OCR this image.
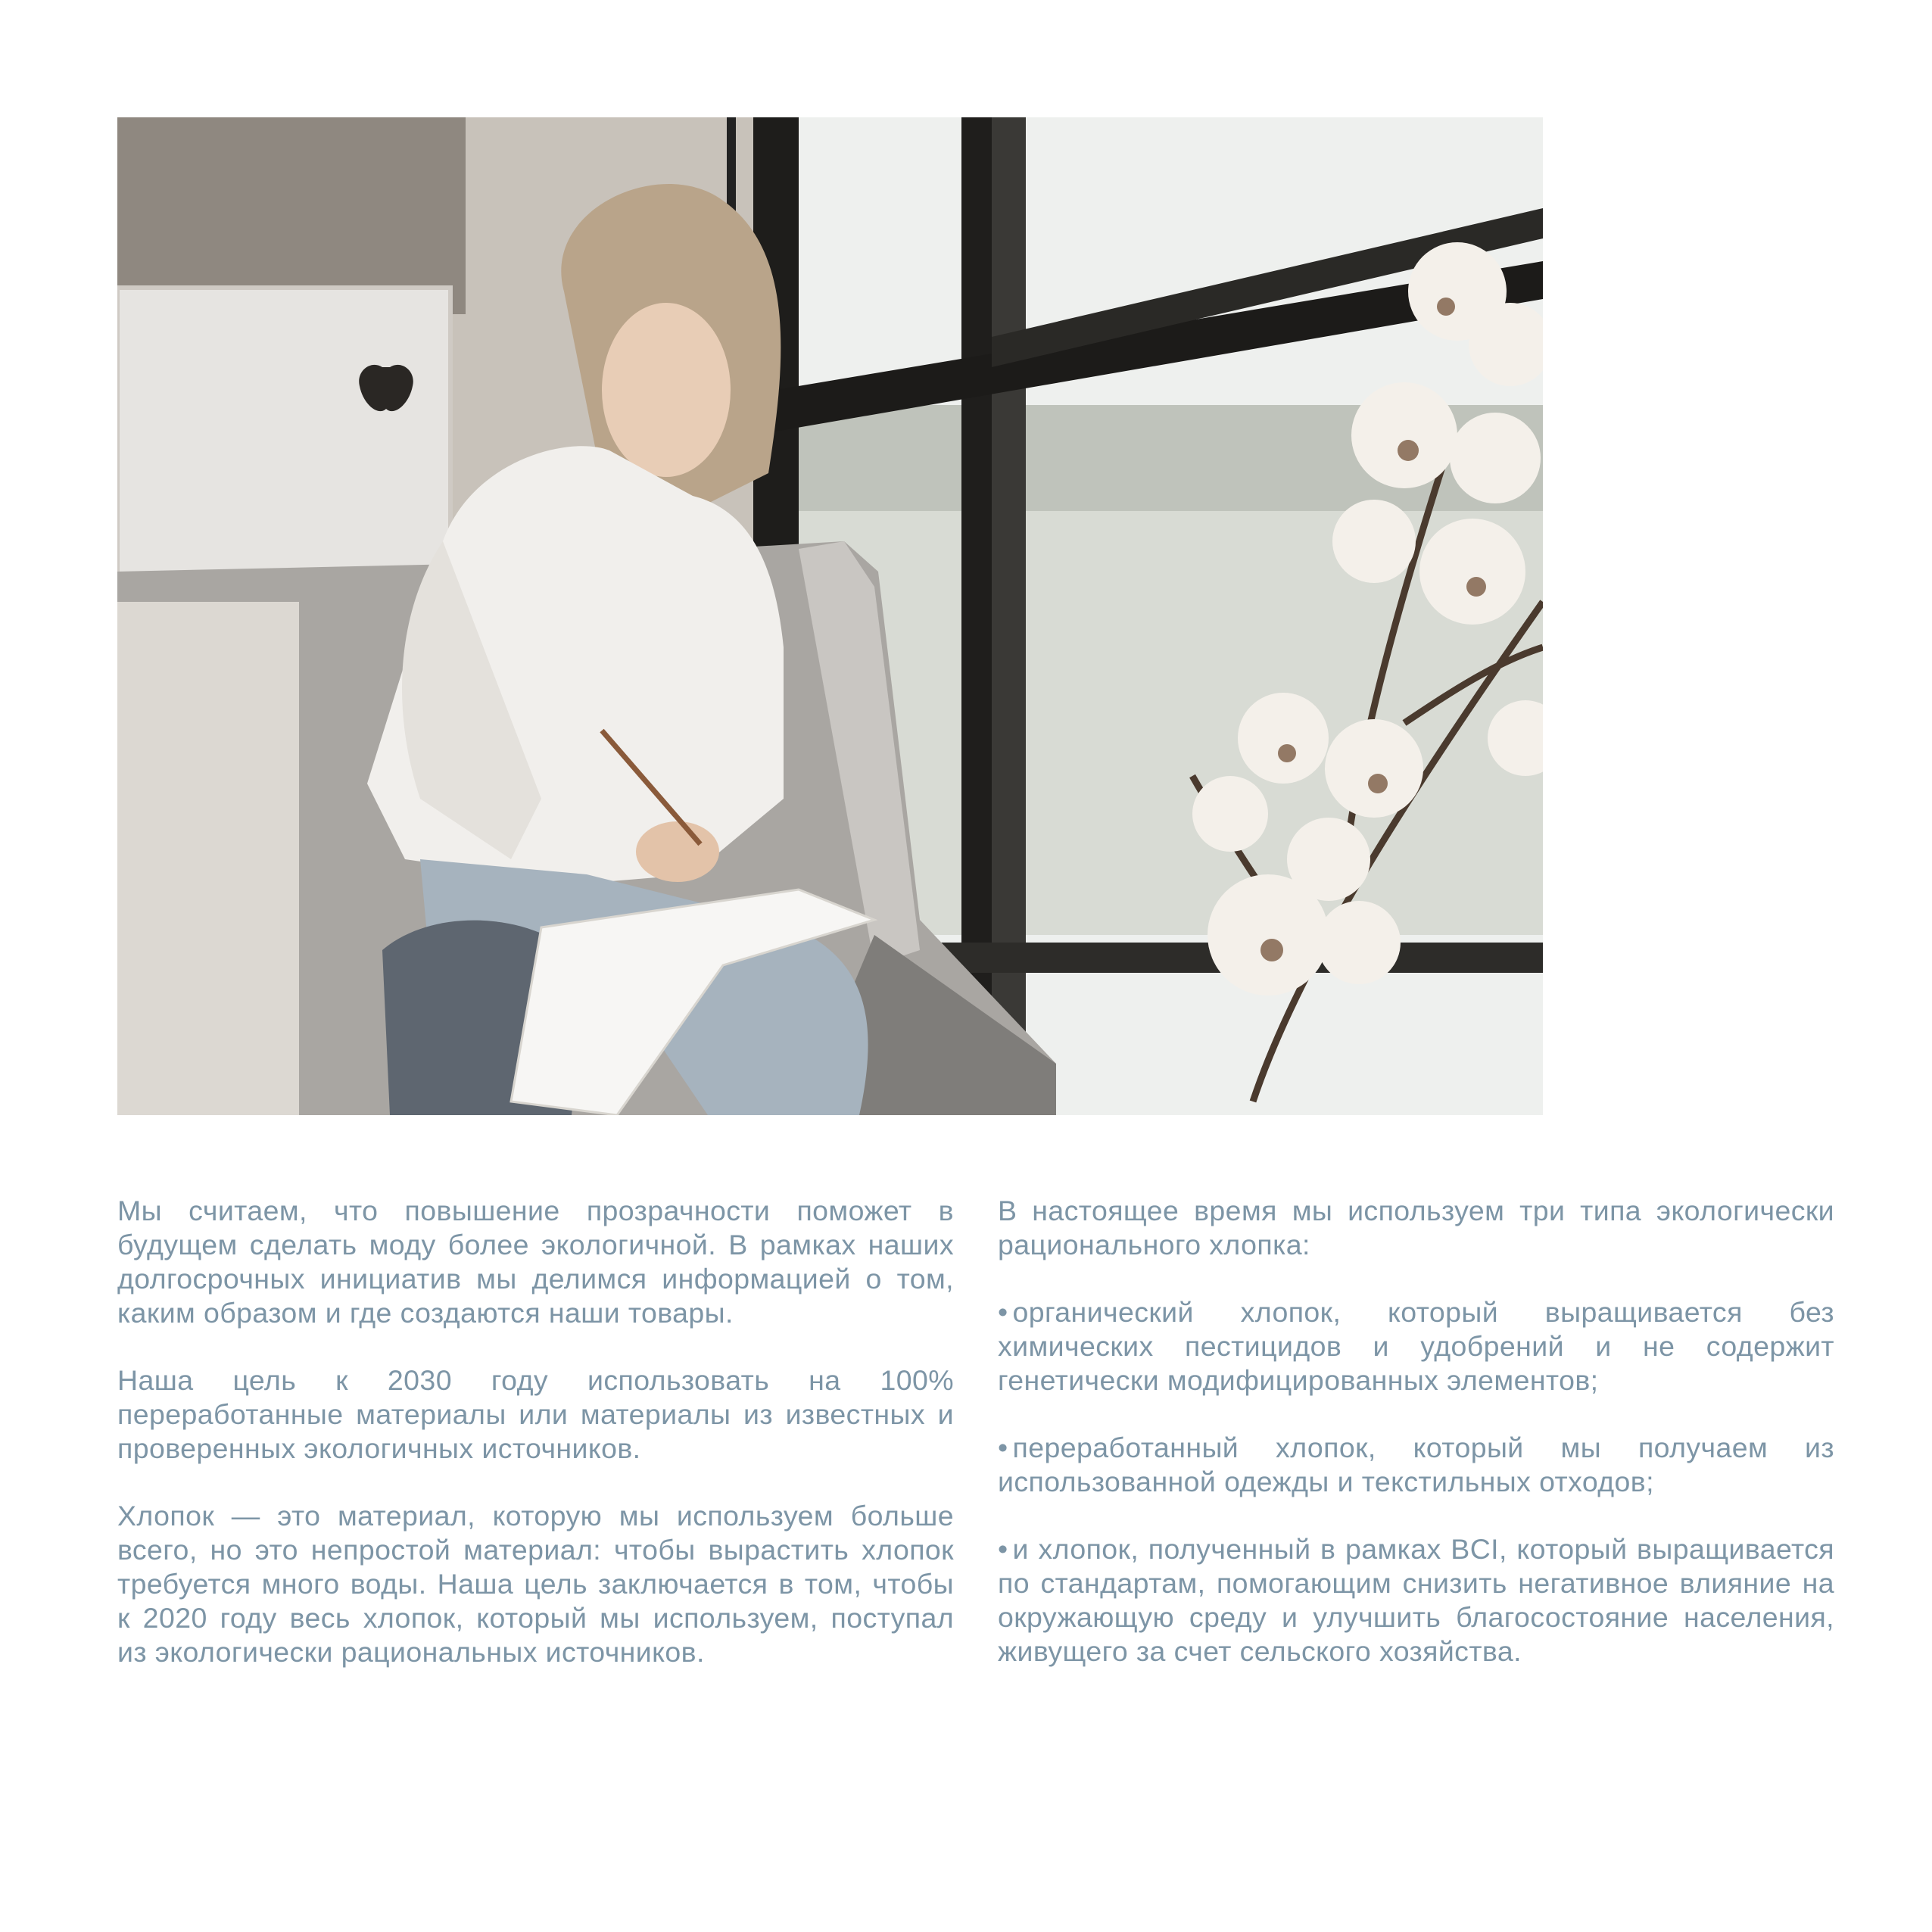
Мы считаем, что повышение прозрачности поможет в будущем сделать моду более экологичной. В рамках наших долгосрочных инициатив мы делимся информацией о том, каким образом и где создаются наши товары.

Наша цель к 2030 году использовать на 100% переработанные материалы или материалы из известных и проверенных экологичных источников.

Хлопок — это материал, которую мы используем больше всего, но это непростой материал: чтобы вырастить хлопок требуется много воды. Наша цель заключается в том, чтобы к 2020 году весь хлопок, который мы используем, поступал из экологически рациональных источников.

В настоящее время мы используем три типа экологически рационального хлопка:

• органический хлопок, который выращивается без химических пестицидов и удобрений и не содержит генетически модифицированных элементов;

• переработанный хлопок, который мы получаем из использованной одежды и текстильных отходов;

• и хлопок, полученный в рамках BCI, который выращивается по стандартам, помогающим снизить негативное влияние на окружающую среду и улучшить благосостояние населения, живущего за счет сельского хозяйства.
